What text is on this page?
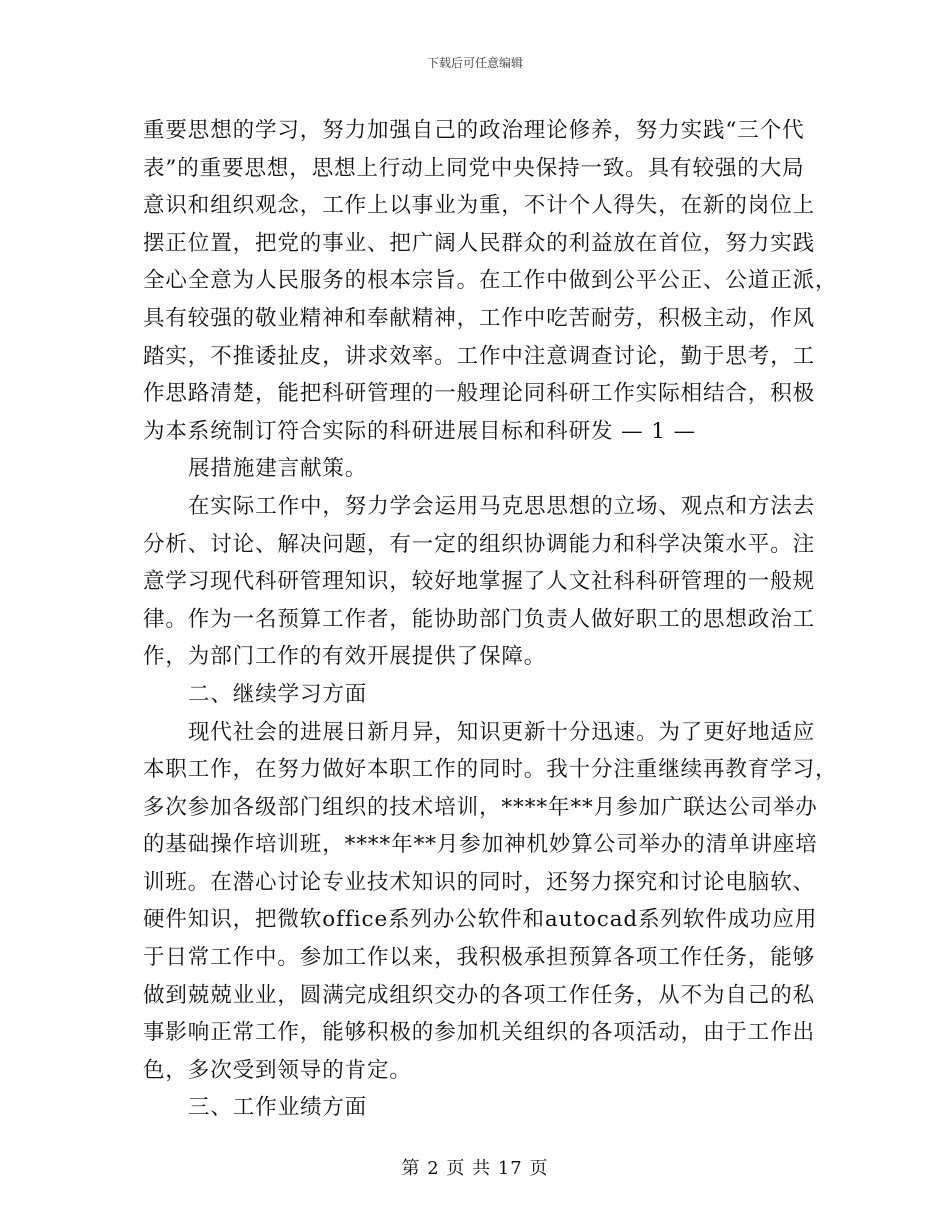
下载后可任意编辑
重要思想的学习，努力加强自己的政治理论修养，努力实践“三个代
表”的重要思想，思想上行动上同党中央保持一致。具有较强的大局
意识和组织观念，工作上以事业为重，不计个人得失，在新的岗位上
摆正位置，把党的事业、把广阔人民群众的利益放在首位，努力实践
全心全意为人民服务的根本宗旨。在工作中做到公平公正、公道正派，
具有较强的敬业精神和奉献精神，工作中吃苦耐劳，积极主动，作风
踏实，不推诿扯皮，讲求效率。工作中注意调查讨论，勤于思考，工
作思路清楚，能把科研管理的一般理论同科研工作实际相结合，积极
为本系统制订符合实际的科研进展目标和科研发 — 1 —
展措施建言献策。
在实际工作中，努力学会运用马克思思想的立场、观点和方法去
分析、讨论、解决问题，有一定的组织协调能力和科学决策水平。注
意学习现代科研管理知识，较好地掌握了人文社科科研管理的一般规
律。作为一名预算工作者，能协助部门负责人做好职工的思想政治工
作，为部门工作的有效开展提供了保障。
二、继续学习方面
现代社会的进展日新月异，知识更新十分迅速。为了更好地适应
本职工作，在努力做好本职工作的同时。我十分注重继续再教育学习，
多次参加各级部门组织的技术培训，****年**月参加广联达公司举办
的基础操作培训班，****年**月参加神机妙算公司举办的清单讲座培
训班。在潜心讨论专业技术知识的同时，还努力探究和讨论电脑软、
硬件知识，把微软office系列办公软件和autocad系列软件成功应用
于日常工作中。参加工作以来，我积极承担预算各项工作任务，能够
做到兢兢业业，圆满完成组织交办的各项工作任务，从不为自己的私
事影响正常工作，能够积极的参加机关组织的各项活动，由于工作出
色，多次受到领导的肯定。
三、工作业绩方面
第 2 页 共 17 页
